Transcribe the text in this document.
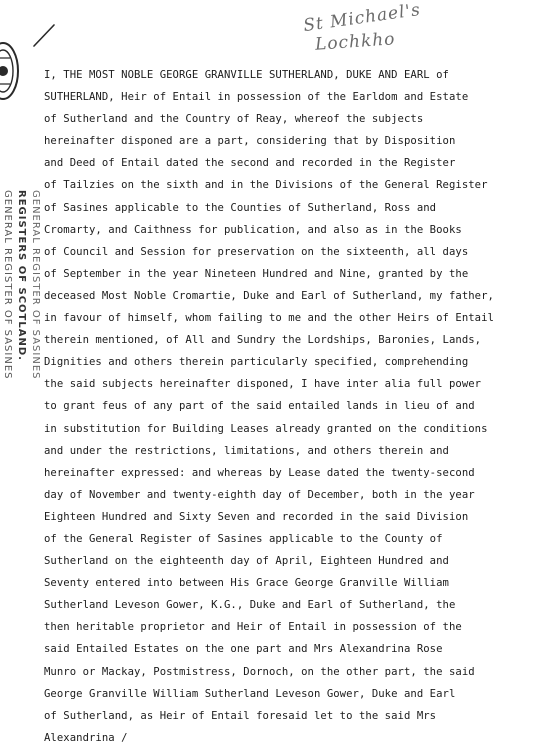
St Michael's
Lochkho
GENERAL REGISTER OF SASINES REGISTERS OF SCOTLAND. GENERAL REGISTER OF SASINES
I, THE MOST NOBLE GEORGE GRANVILLE SUTHERLAND, DUKE AND EARL of
SUTHERLAND, Heir of Entail in possession of the Earldom and Estate
of Sutherland and the Country of Reay, whereof the subjects
hereinafter disponed are a part, considering that by Disposition
and Deed of Entail dated the second and recorded in the Register
of Tailzies on the sixth and in the Divisions of the General Register
of Sasines applicable to the Counties of Sutherland, Ross and
Cromarty, and Caithness for publication, and also as in the Books
of Council and Session for preservation on the sixteenth, all days
of September in the year Nineteen Hundred and Nine, granted by the
deceased Most Noble Cromartie, Duke and Earl of Sutherland, my father,
in favour of himself, whom failing to me and the other Heirs of Entail
therein mentioned, of All and Sundry the Lordships, Baronies, Lands,
Dignities and others therein particularly specified, comprehending
the said subjects hereinafter disponed, I have inter alia full power
to grant feus of any part of the said entailed lands in lieu of and
in substitution for Building Leases already granted on the conditions
and under the restrictions, limitations, and others therein and
hereinafter expressed: and whereas by Lease dated the twenty-second
day of November and twenty-eighth day of December, both in the year
Eighteen Hundred and Sixty Seven and recorded in the said Division
of the General Register of Sasines applicable to the County of
Sutherland on the eighteenth day of April, Eighteen Hundred and
Seventy entered into between His Grace George Granville William
Sutherland Leveson Gower, K.G., Duke and Earl of Sutherland, the
then heritable proprietor and Heir of Entail in possession of the
said Entailed Estates on the one part and Mrs Alexandrina Rose
Munro or Mackay, Postmistress, Dornoch, on the other part, the said
George Granville William Sutherland Leveson Gower, Duke and Earl
of Sutherland, as Heir of Entail foresaid let to the said Mrs
Alexandrina /
